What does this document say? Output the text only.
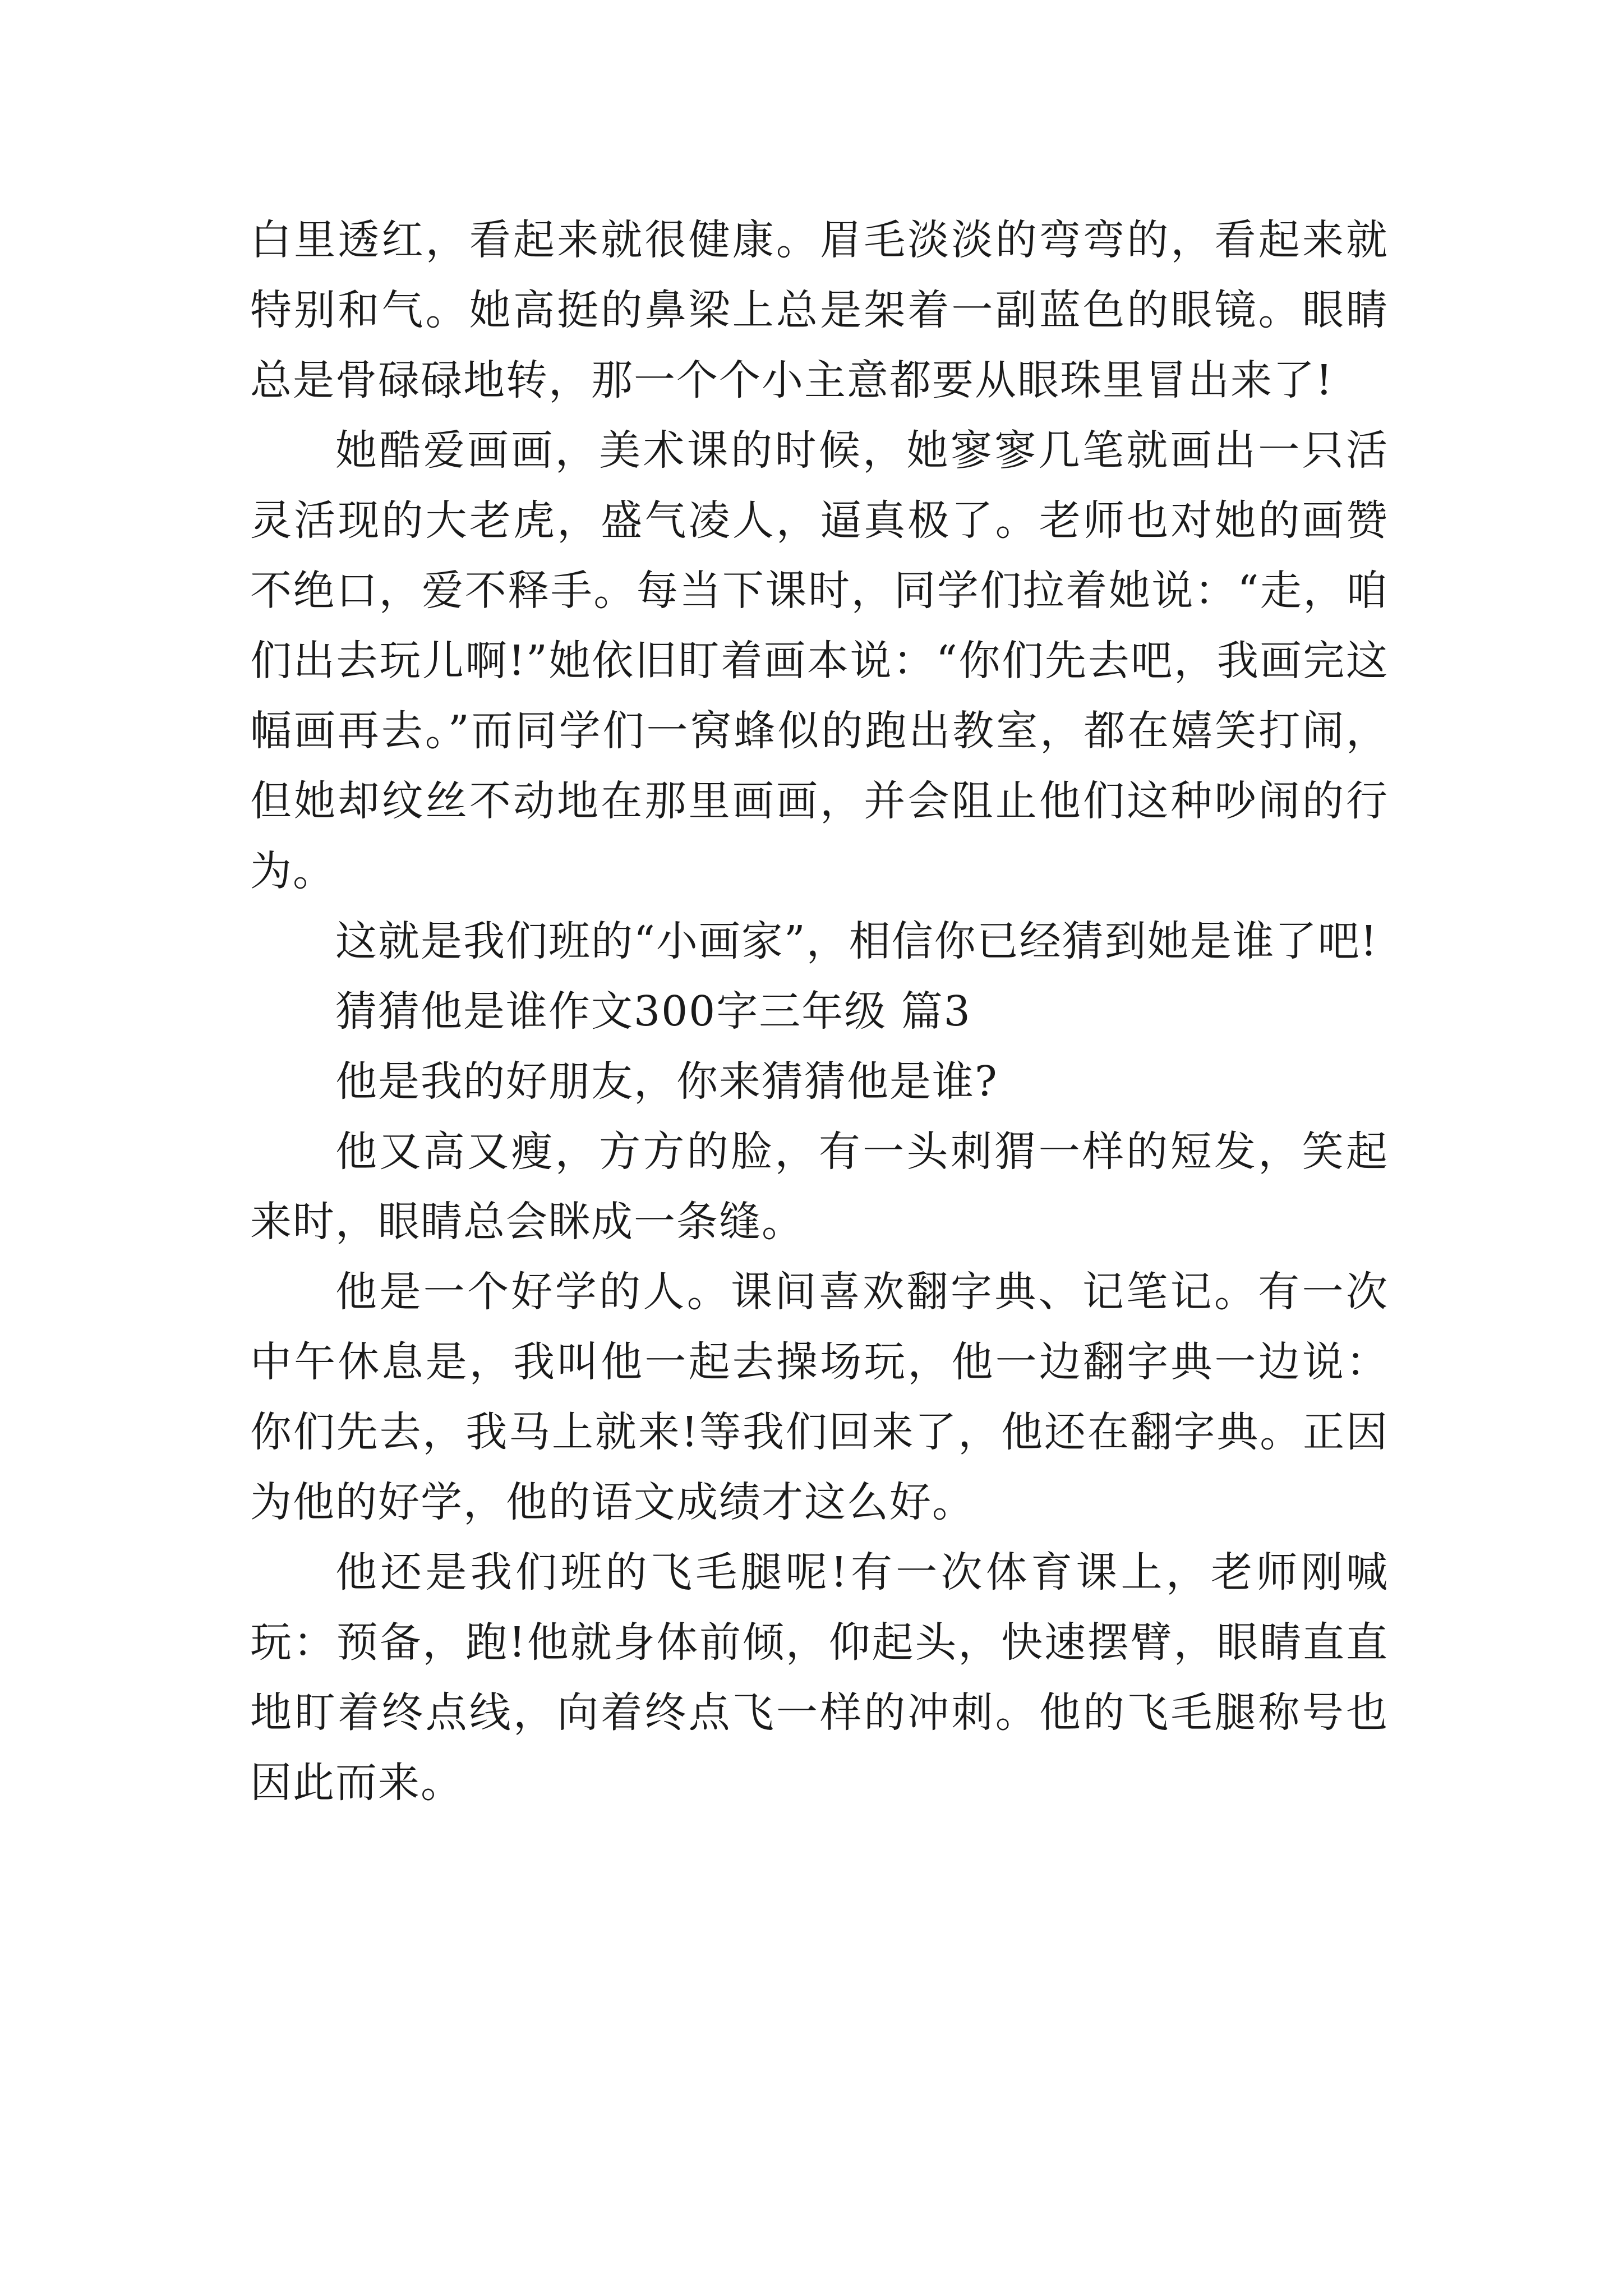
白里透红，看起来就很健康。眉毛淡淡的弯弯的，看起来就特别和气。她高挺的鼻梁上总是架着一副蓝色的眼镜。眼睛总是骨碌碌地转，那一个个小主意都要从眼珠里冒出来了!

她酷爱画画，美术课的时候，她寥寥几笔就画出一只活灵活现的大老虎，盛气凌人，逼真极了。老师也对她的画赞不绝口，爱不释手。每当下课时，同学们拉着她说：“走，咱们出去玩儿啊!”她依旧盯着画本说：“你们先去吧，我画完这幅画再去。”而同学们一窝蜂似的跑出教室，都在嬉笑打闹，但她却纹丝不动地在那里画画，并会阻止他们这种吵闹的行为。

这就是我们班的“小画家”，相信你已经猜到她是谁了吧!

猜猜他是谁作文300字三年级 篇3

他是我的好朋友，你来猜猜他是谁?

他又高又瘦，方方的脸，有一头刺猬一样的短发，笑起来时，眼睛总会眯成一条缝。

他是一个好学的人。课间喜欢翻字典、记笔记。有一次中午休息是，我叫他一起去操场玩，他一边翻字典一边说：你们先去，我马上就来!等我们回来了，他还在翻字典。正因为他的好学，他的语文成绩才这么好。

他还是我们班的飞毛腿呢!有一次体育课上，老师刚喊玩：预备，跑!他就身体前倾，仰起头，快速摆臂，眼睛直直地盯着终点线，向着终点飞一样的冲刺。他的飞毛腿称号也因此而来。
